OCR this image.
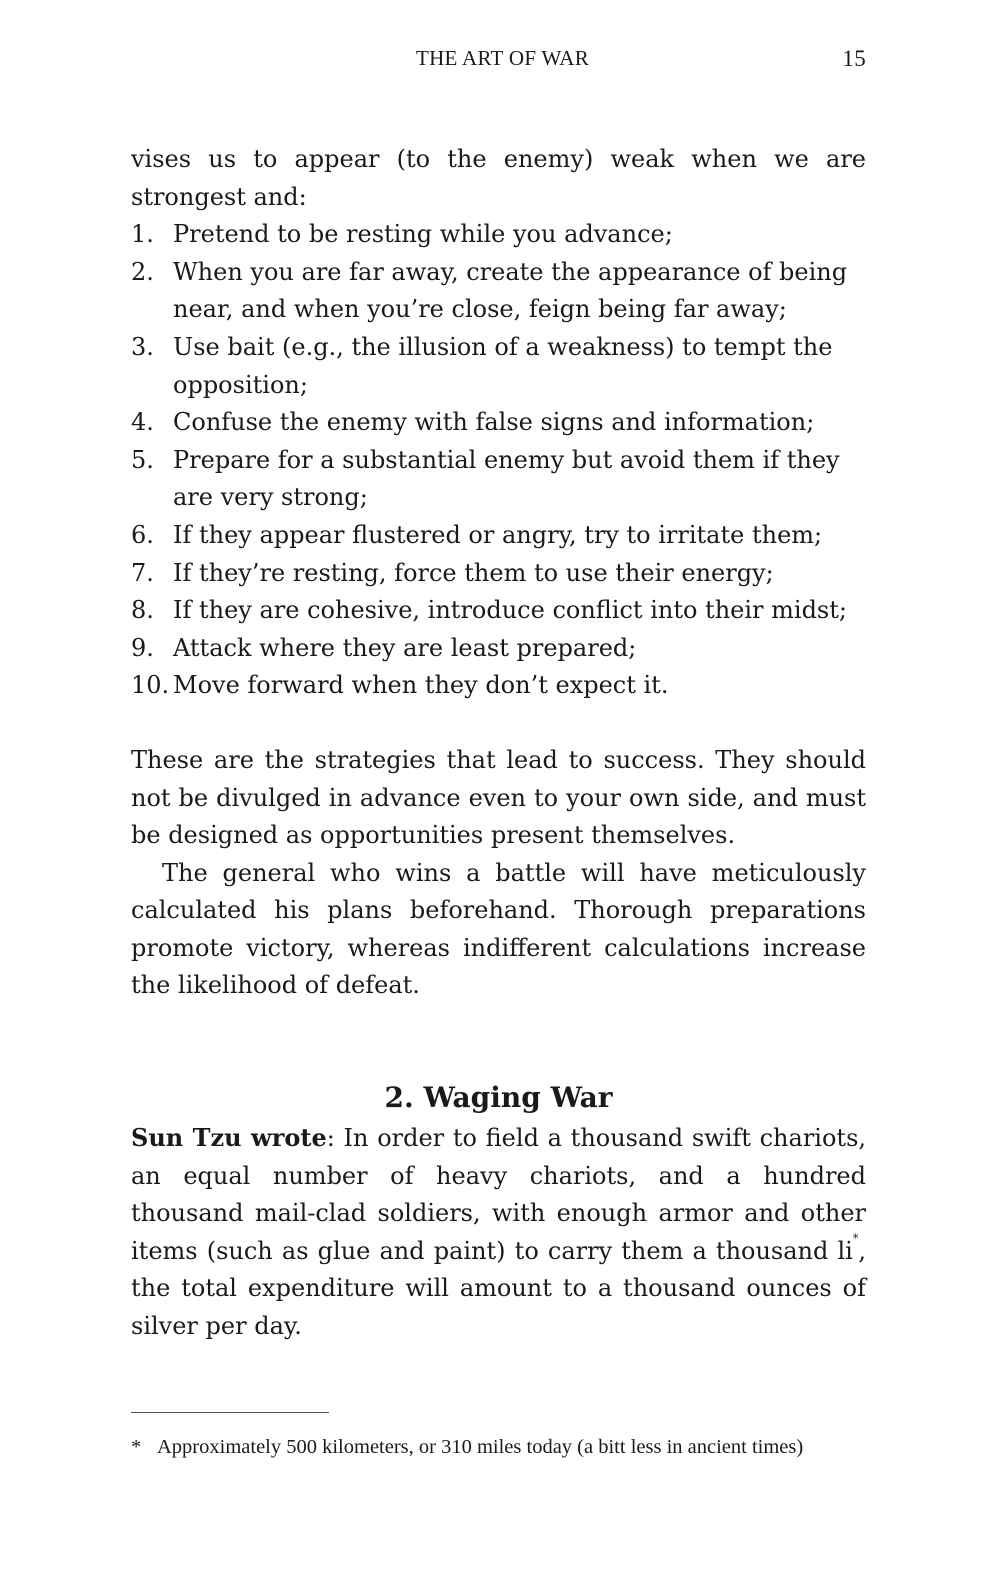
THE ART OF WAR	15

vises us to appear (to the enemy) weak when we are strongest and:

1. Pretend to be resting while you advance;
2. When you are far away, create the appearance of being near, and when you’re close, feign being far away;
3. Use bait (e.g., the illusion of a weakness) to tempt the opposition;
4. Confuse the enemy with false signs and information;
5. Prepare for a substantial enemy but avoid them if they are very strong;
6. If they appear flustered or angry, try to irritate them;
7. If they’re resting, force them to use their energy;
8. If they are cohesive, introduce conflict into their midst;
9. Attack where they are least prepared;
10. Move forward when they don’t expect it.

These are the strategies that lead to success. They should not be divulged in advance even to your own side, and must be designed as opportunities present themselves.

The general who wins a battle will have meticulously calculated his plans beforehand. Thorough preparations promote victory, whereas indifferent calculations increase the likelihood of defeat.

2. Waging War

Sun Tzu wrote: In order to field a thousand swift chariots, an equal number of heavy chariots, and a hundred thousand mail-clad soldiers, with enough armor and other items (such as glue and paint) to carry them a thousand li*, the total expenditure will amount to a thousand ounces of silver per day.

* Approximately 500 kilometers, or 310 miles today (a bitt less in ancient times)
